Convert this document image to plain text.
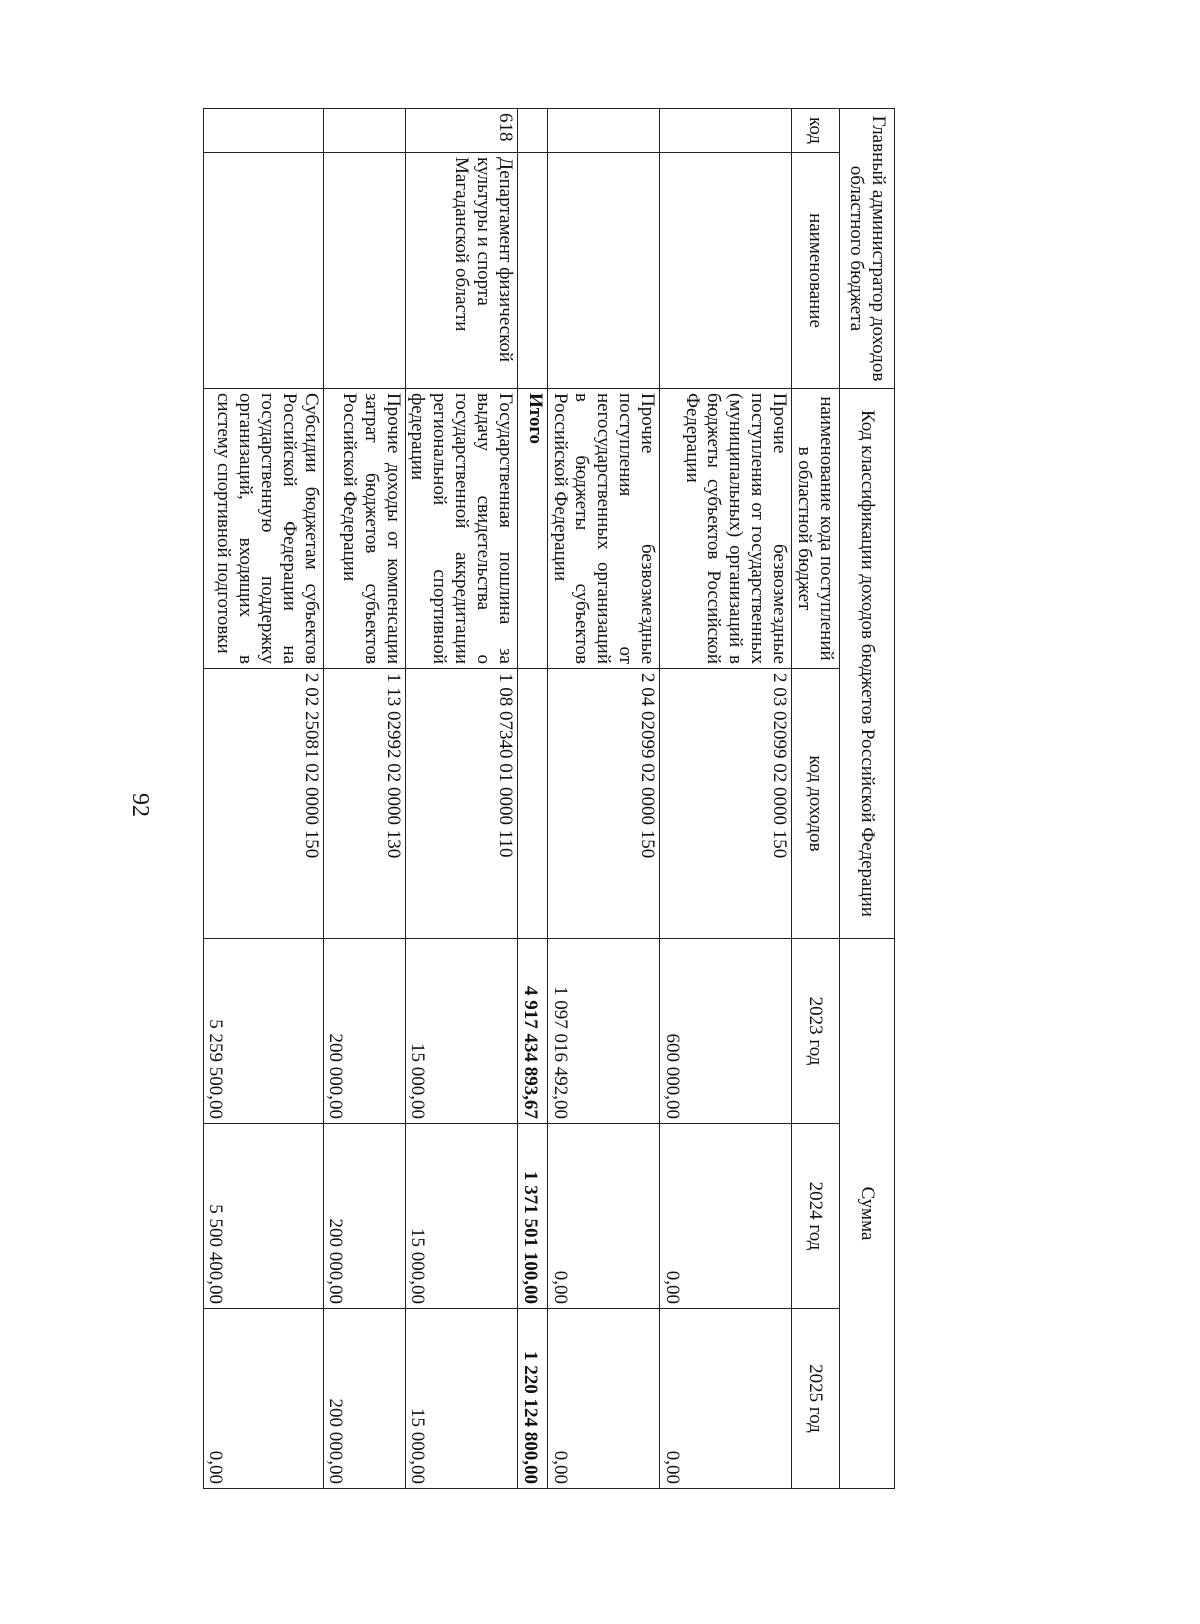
92
Главный администратор доходов областного бюджета		Код классификации доходов бюджетов Российской Федерации		Сумма		
код	наименование	наименование кода поступлений в областной бюджет	код доходов	2023 год	2024 год	2025 год
		Прочие безвозмездные поступления от государственных (муниципальных) организаций в бюджеты субъектов Российской Федерации	2 03 02099 02 0000 150	600 000,00	0,00	0,00
		Прочие безвозмездные поступления от негосударственных организаций в бюджеты субъектов Российской Федерации	2 04 02099 02 0000 150	1 097 016 492,00	0,00	0,00
		Итого		4 917 434 893,67	1 371 501 100,00	1 220 124 800,00
618	Департамент физической культуры и спорта Магаданской области	Государственная пошлина за выдачу свидетельства о государственной аккредитации региональной спортивной федерации	1 08 07340 01 0000 110	15 000,00	15 000,00	15 000,00
		Прочие доходы от компенсации затрат бюджетов субъектов Российской Федерации	1 13 02992 02 0000 130	200 000,00	200 000,00	200 000,00
		Субсидии бюджетам субъектов Российской Федерации на государственную поддержку организаций, входящих в систему спортивной подготовки	2 02 25081 02 0000 150	5 259 500,00	5 500 400,00	0,00
